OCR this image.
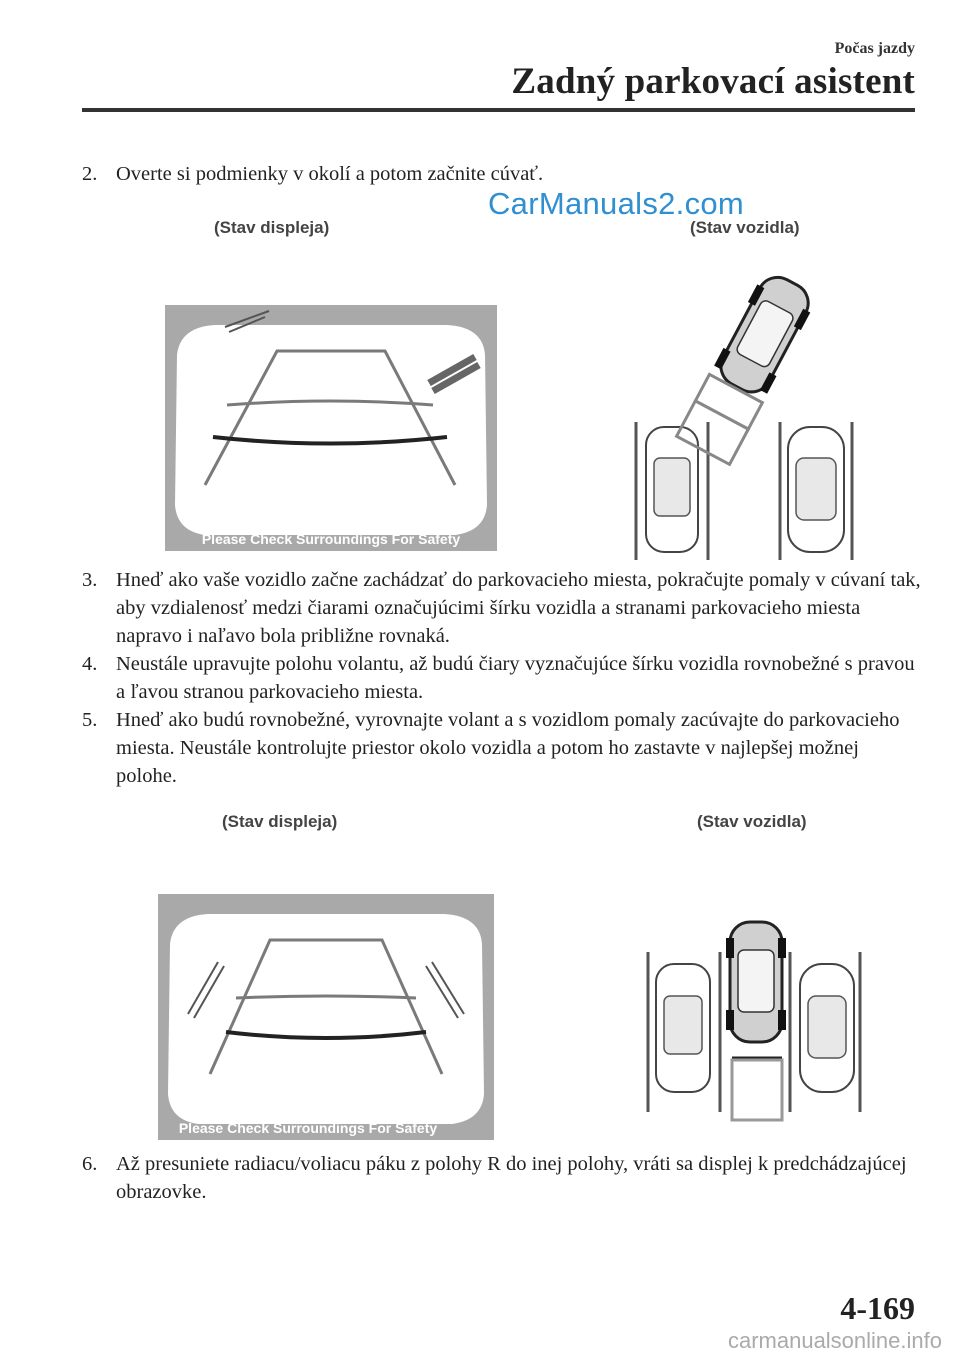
Počas jazdy
Zadný parkovací asistent
2. Overte si podmienky v okolí a potom začnite cúvať.
CarManuals2.com
(Stav displeja)	(Stav vozidla)
Please Check Surroundings For Safety
3. Hneď ako vaše vozidlo začne zachádzať do parkovacieho miesta, pokračujte pomaly v cúvaní tak, aby vzdialenosť medzi čiarami označujúcimi šírku vozidla a stranami parkovacieho miesta napravo i naľavo bola približne rovnaká.
4. Neustále upravujte polohu volantu, až budú čiary vyznačujúce šírku vozidla rovnobežné s pravou a ľavou stranou parkovacieho miesta.
5. Hneď ako budú rovnobežné, vyrovnajte volant a s vozidlom pomaly zacúvajte do parkovacieho miesta. Neustále kontrolujte priestor okolo vozidla a potom ho zastavte v najlepšej možnej polohe.
(Stav displeja)	(Stav vozidla)
Please Check Surroundings For Safety
6. Až presuniete radiacu/voliacu páku z polohy R do inej polohy, vráti sa displej k predchádzajúcej obrazovke.
4-169
carmanualsonline.info
